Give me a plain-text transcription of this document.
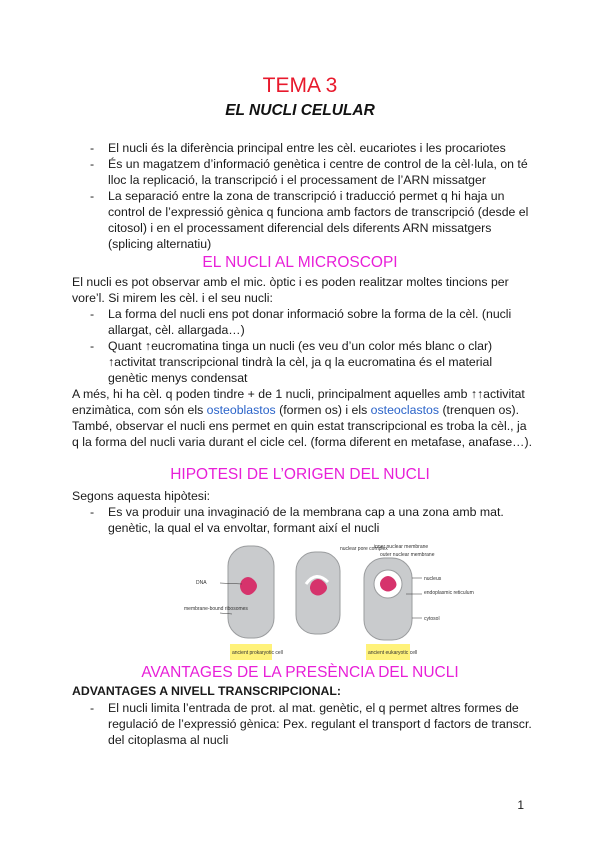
TEMA 3
EL NUCLI CELULAR
- El nucli és la diferència principal entre les cèl. eucariotes i les procariotes
- És un magatzem d’informació genètica i centre de control de la cèl·lula, on té lloc la replicació, la transcripció i el processament de l’ARN missatger
- La separació entre la zona de transcripció i traducció permet q hi haja un control de l’expressió gènica q funciona amb factors de transcripció (desde el citosol) i en el processament diferencial dels diferents ARN missatgers (splicing alternatiu)
EL NUCLI AL MICROSCOPI

El nucli es pot observar amb el mic. òptic i es poden realitzar moltes tincions per vore’l. Si mirem les cèl. i el seu nucli:

- La forma del nucli ens pot donar informació sobre la forma de la cèl. (nucli allargat, cèl. allargada…)
- Quant ↑eucromatina tinga un nucli (es veu d’un color més blanc o clar) ↑activitat transcripcional tindrà la cèl, ja q la eucromatina és el material genètic menys condensat

A més, hi ha cèl. q poden tindre + de 1 nucli, principalment aquelles amb ↑↑activitat enzimàtica, com són els osteoblastos (formen os) i els osteoclastos (trenquen os). També, observar el nucli ens permet en quin estat transcripcional es troba la cèl., ja q la forma del nucli varia durant el cicle cel. (forma diferent en metafase, anafase…).

HIPOTESI DE L’ORIGEN DEL NUCLI

Segons aquesta hipòtesi:

- Es va produir una invaginació de la membrana cap a una zona amb mat. genètic, la qual el va envoltar, formant així el nucli
DNA
membrane-bound ribosomes
nuclear pore complex
inner nuclear membrane
outer nuclear membrane
nucleus
endoplasmic reticulum
cytosol
ancient prokaryotic cell	ancient eukaryotic cell
AVANTAGES DE LA PRESÈNCIA DEL NUCLI
ADVANTAGES A NIVELL TRANSCRIPCIONAL:
- El nucli limita l’entrada de prot. al mat. genètic, el q permet altres formes de regulació de l’expressió gènica: Pex. regulant el transport d factors de transcr. del citoplasma al nucli
1
